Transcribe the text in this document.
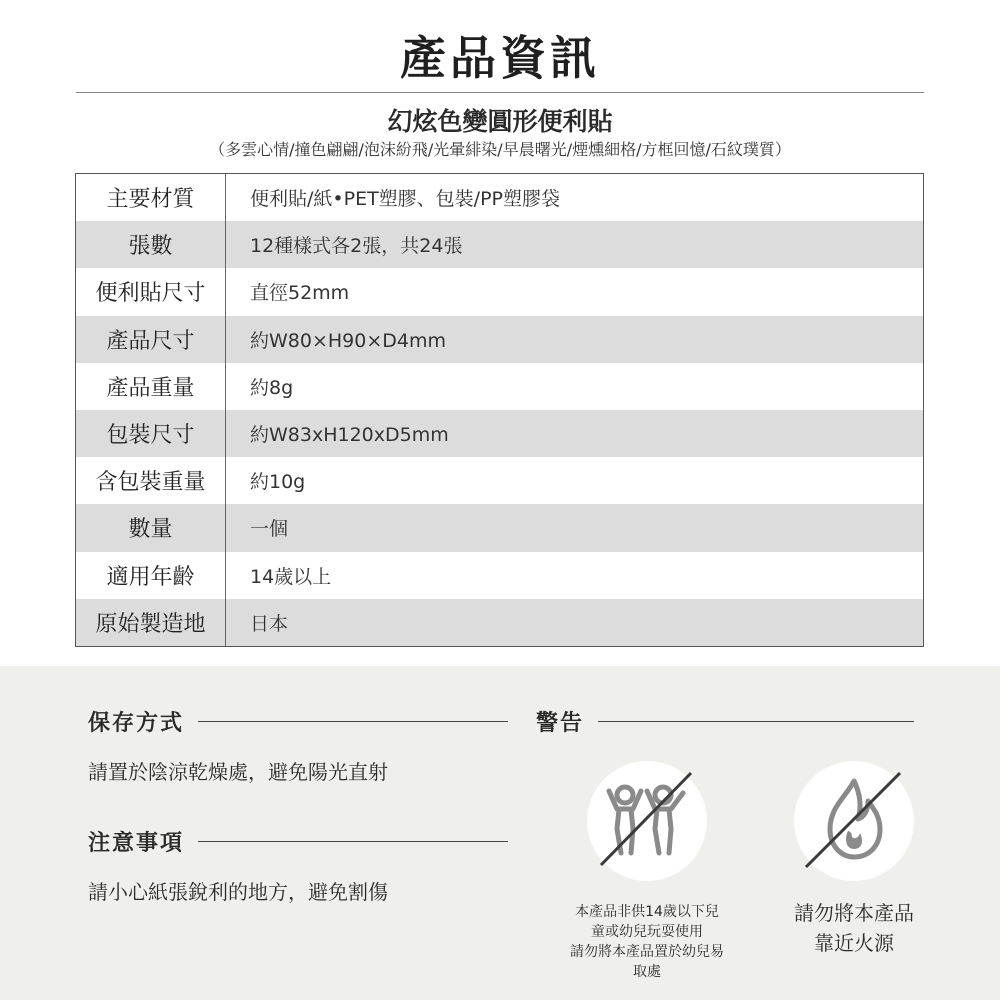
產品資訊
幻炫色變圓形便利貼
（多雲心情/撞色翩翩/泡沫紛飛/光暈緋染/早晨曙光/煙燻細格/方框回憶/石紋璞質）
主要材質	便利貼/紙•PET塑膠、包裝/PP塑膠袋
張數	12種樣式各2張，共24張
便利貼尺寸	直徑52mm
產品尺寸	約W80×H90×D4mm
產品重量	約8g
包裝尺寸	約W83xH120xD5mm
含包裝重量	約10g
數量	一個
適用年齡	14歲以上
原始製造地	日本
保存方式
請置於陰涼乾燥處，避免陽光直射
注意事項
請小心紙張銳利的地方，避免割傷
警告
本產品非供14歲以下兒
童或幼兒玩耍使用
請勿將本產品置於幼兒易
取處
請勿將本產品
靠近火源
